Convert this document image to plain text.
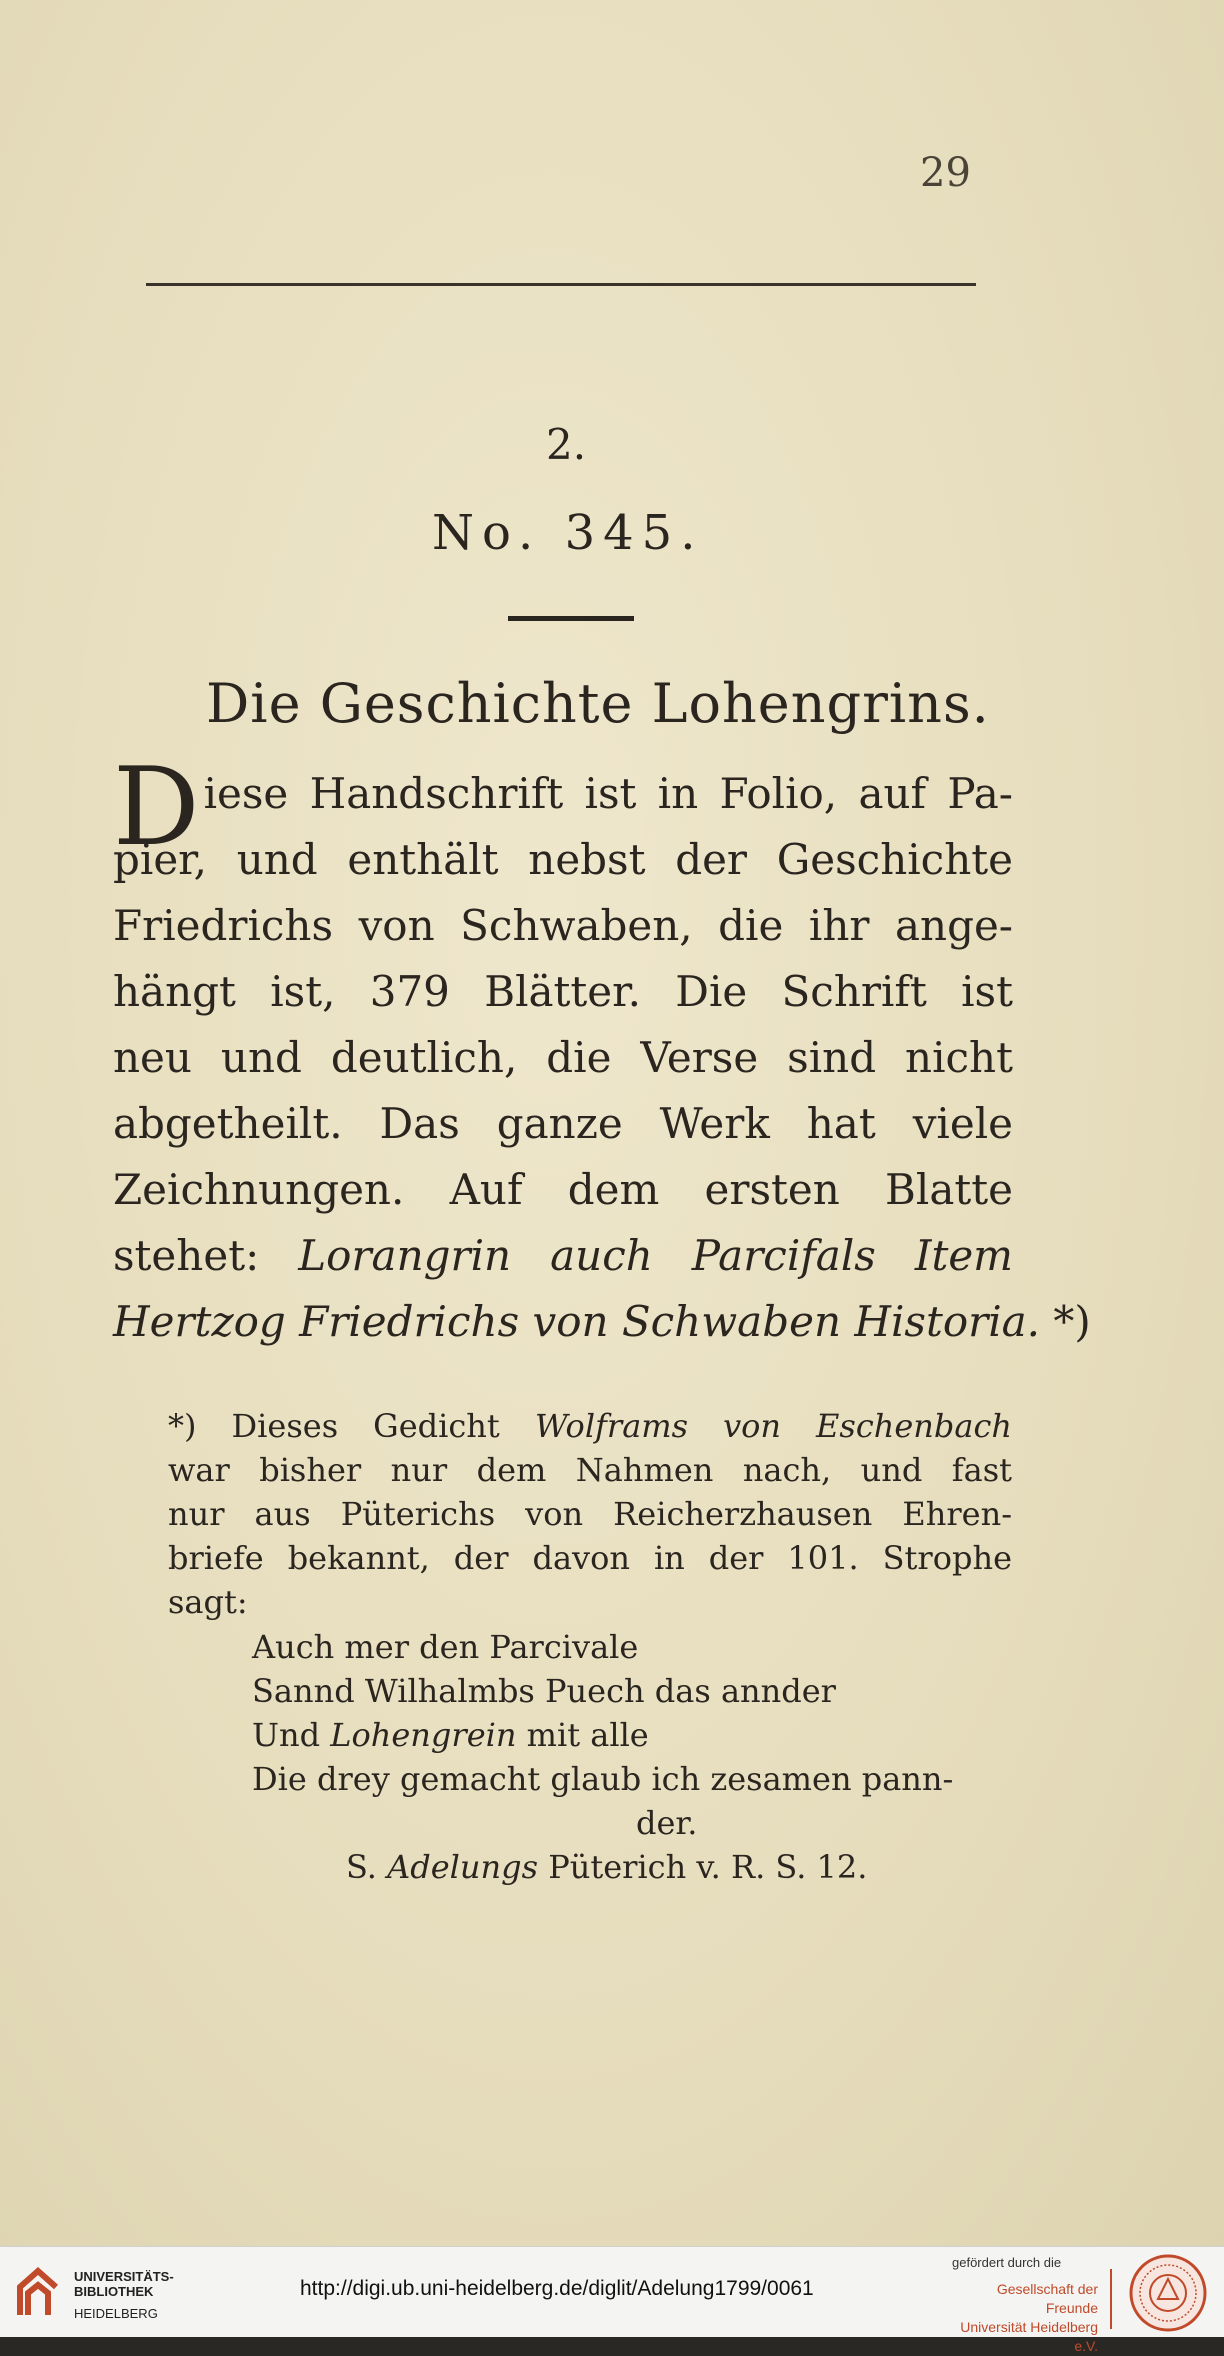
29
2.
No. 345.
Die Geschichte Lohengrins.
Diese Handschrift ist in Folio, auf Pa-
pier, und enthält nebst der Geschichte
Friedrichs von Schwaben, die ihr ange-
hängt ist, 379 Blätter. Die Schrift ist
neu und deutlich, die Verse sind nicht
abgetheilt. Das ganze Werk hat viele
Zeichnungen. Auf dem ersten Blatte
stehet: Lorangrin auch Parcifals Item
Hertzog Friedrichs von Schwaben Historia. *)
*) Dieses Gedicht Wolframs von Eschenbach
war bisher nur dem Nahmen nach, und fast
nur aus Püterichs von Reicherzhausen Ehren-
briefe bekannt, der davon in der 101. Strophe
sagt:
Auch mer den Parcivale
Sannd Wilhalmbs Puech das annder
Und Lohengrein mit alle
Die drey gemacht glaub ich zesamen pann-
der.
S. Adelungs Püterich v. R. S. 12.
UNIVERSITÄTS-BIBLIOTHEK
HEIDELBERG
http://digi.ub.uni-heidelberg.de/diglit/Adelung1799/0061
gefördert durch die
Gesellschaft der Freunde
Universität Heidelberg e.V.
